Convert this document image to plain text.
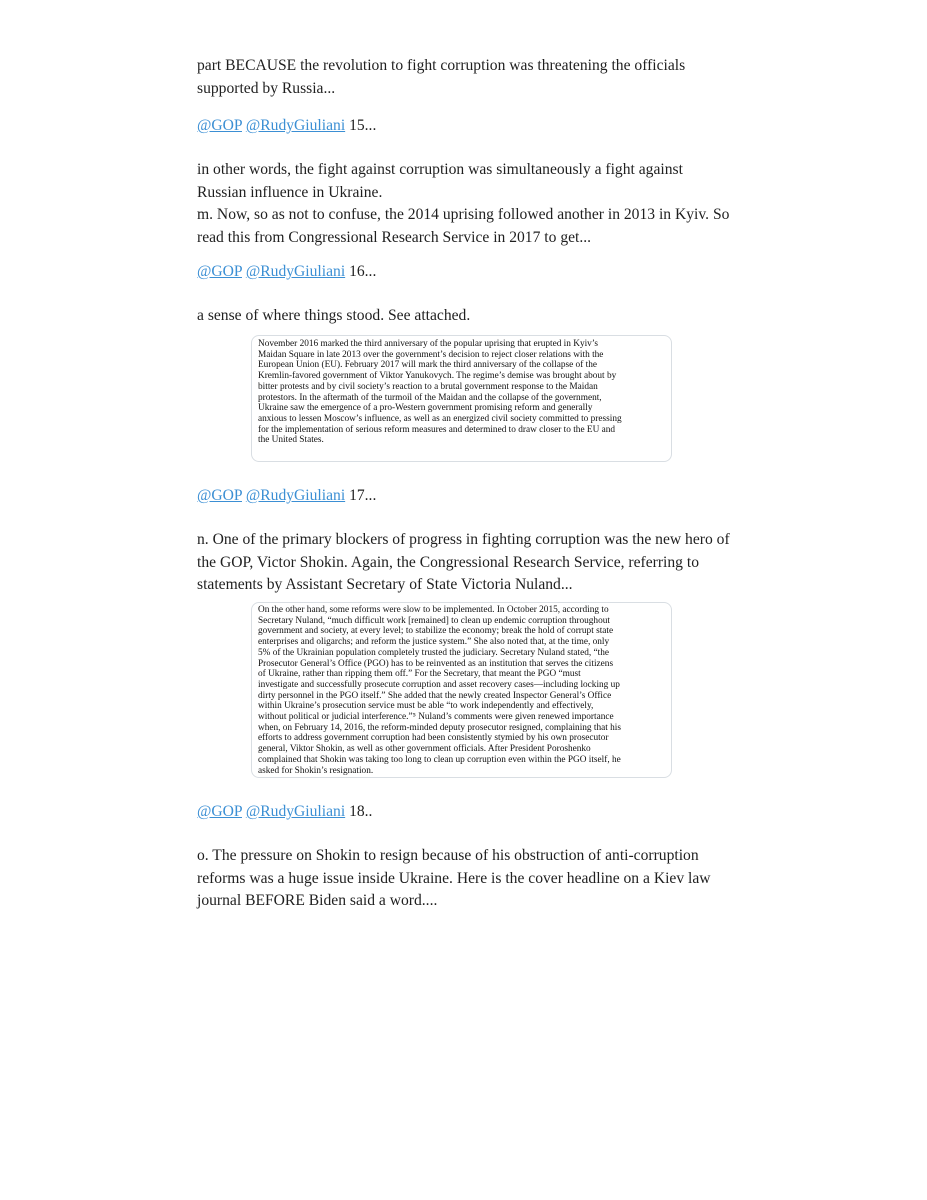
part BECAUSE the revolution to fight corruption was threatening the officials
supported by Russia...

@GOP @RudyGiuliani 15...

in other words, the fight against corruption was simultaneously a fight against
Russian influence in Ukraine.
m. Now, so as not to confuse, the 2014 uprising followed another in 2013 in Kyiv. So
read this from Congressional Research Service in 2017 to get...

@GOP @RudyGiuliani 16...

a sense of where things stood. See attached.

November 2016 marked the third anniversary of the popular uprising that erupted in Kyiv’s
Maidan Square in late 2013 over the government’s decision to reject closer relations with the
European Union (EU). February 2017 will mark the third anniversary of the collapse of the
Kremlin-favored government of Viktor Yanukovych. The regime’s demise was brought about by
bitter protests and by civil society’s reaction to a brutal government response to the Maidan
protestors. In the aftermath of the turmoil of the Maidan and the collapse of the government,
Ukraine saw the emergence of a pro-Western government promising reform and generally
anxious to lessen Moscow’s influence, as well as an energized civil society committed to pressing
for the implementation of serious reform measures and determined to draw closer to the EU and
the United States.

@GOP @RudyGiuliani 17...

n. One of the primary blockers of progress in fighting corruption was the new hero of
the GOP, Victor Shokin. Again, the Congressional Research Service, referring to
statements by Assistant Secretary of State Victoria Nuland...

On the other hand, some reforms were slow to be implemented. In October 2015, according to
Secretary Nuland, “much difficult work [remained] to clean up endemic corruption throughout
government and society, at every level; to stabilize the economy; break the hold of corrupt state
enterprises and oligarchs; and reform the justice system.” She also noted that, at the time, only
5% of the Ukrainian population completely trusted the judiciary. Secretary Nuland stated, “the
Prosecutor General’s Office (PGO) has to be reinvented as an institution that serves the citizens
of Ukraine, rather than ripping them off.” For the Secretary, that meant the PGO “must
investigate and successfully prosecute corruption and asset recovery cases—including locking up
dirty personnel in the PGO itself.” She added that the newly created Inspector General’s Office
within Ukraine’s prosecution service must be able “to work independently and effectively,
without political or judicial interference.”⁵ Nuland’s comments were given renewed importance
when, on February 14, 2016, the reform-minded deputy prosecutor resigned, complaining that his
efforts to address government corruption had been consistently stymied by his own prosecutor
general, Viktor Shokin, as well as other government officials. After President Poroshenko
complained that Shokin was taking too long to clean up corruption even within the PGO itself, he
asked for Shokin’s resignation.

@GOP @RudyGiuliani 18..

o. The pressure on Shokin to resign because of his obstruction of anti-corruption
reforms was a huge issue inside Ukraine. Here is the cover headline on a Kiev law
journal BEFORE Biden said a word....
